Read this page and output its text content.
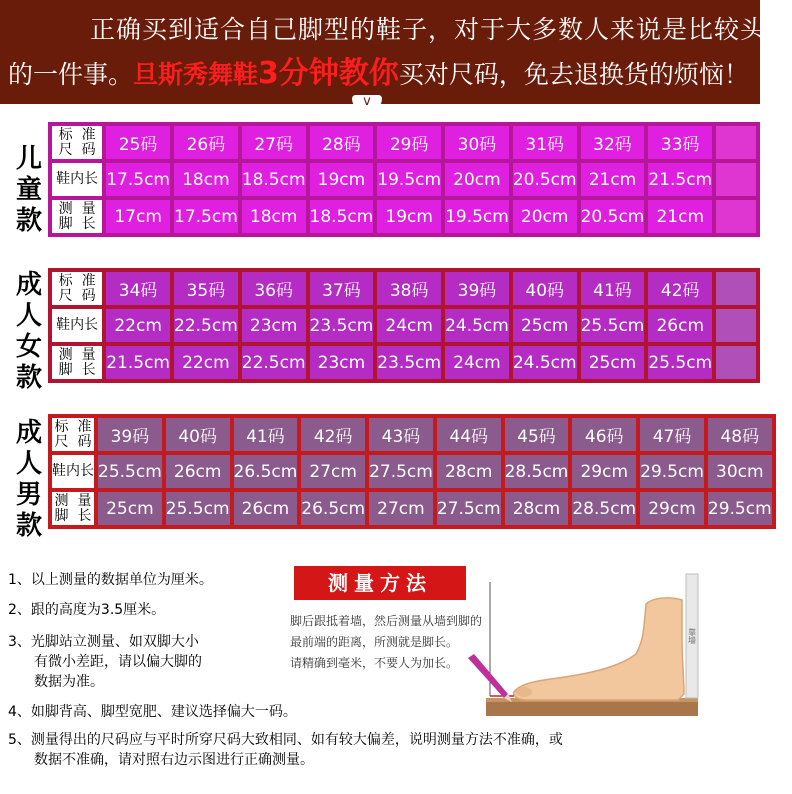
正确买到适合自己脚型的鞋子，对于大多数人来说是比较头疼
的一件事。旦斯秀舞鞋3分钟教你买对尺码，免去退换货的烦恼！
v
儿
童
款
标 准
尺 码	25码	26码	27码	28码	29码	30码	31码	32码	33码	
鞋内长	17.5cm	18cm	18.5cm	19cm	19.5cm	20cm	20.5cm	21cm	21.5cm	
测 量
脚 长	17cm	17.5cm	18cm	18.5cm	19cm	19.5cm	20cm	20.5cm	21cm	
成
人
女
款
标 准
尺 码	34码	35码	36码	37码	38码	39码	40码	41码	42码	
鞋内长	22cm	22.5cm	23cm	23.5cm	24cm	24.5cm	25cm	25.5cm	26cm	
测 量
脚 长	21.5cm	22cm	22.5cm	23cm	23.5cm	24cm	24.5cm	25cm	25.5cm	
成
人
男
款
标 准
尺 码	39码	40码	41码	42码	43码	44码	45码	46码	47码	48码
鞋内长	25.5cm	26cm	26.5cm	27cm	27.5cm	28cm	28.5cm	29cm	29.5cm	30cm
测 量
脚 长	25cm	25.5cm	26cm	26.5cm	27cm	27.5cm	28cm	28.5cm	29cm	29.5cm
1、以上测量的数据单位为厘米。
2、跟的高度为3.5厘米。
3、光脚站立测量、如双脚大小
有微小差距，请以偏大脚的
数据为准。
4、如脚背高、脚型宽肥、建议选择偏大一码。
5、测量得出的尺码应与平时所穿尺码大致相同、如有较大偏差，说明测量方法不准确，或
数据不准确，请对照右边示图进行正确测量。
测量方法
脚后跟抵着墙，然后测量从墙到脚的
最前端的距离，所测就是脚长。
请精确到毫米，不要人为加长。
靠墙
